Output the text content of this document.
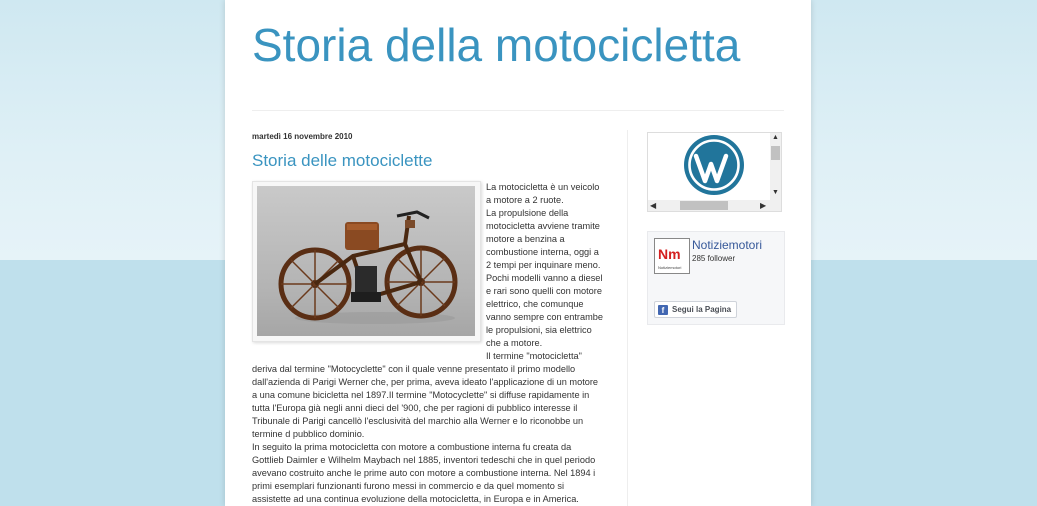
Storia della motocicletta
martedì 16 novembre 2010
Storia delle motociclette

La motocicletta è un veicolo a motore a 2 ruote.

La propulsione della motocicletta avviene tramite motore a benzina a combustione interna, oggi a 2 tempi per inquinare meno.

Pochi modelli vanno a diesel e rari sono quelli con motore elettrico, che comunque vanno sempre con entrambe le propulsioni, sia elettrico che a motore.

Il termine "motocicletta" deriva dal termine "Motocyclette" con il quale venne presentato il primo modello dall'azienda di Parigi Werner che, per prima, aveva ideato l'applicazione di un motore a una comune bicicletta nel 1897.Il termine "Motocyclette" si diffuse rapidamente in tutta l'Europa già negli anni dieci del '900, che per ragioni di pubblico interesse il Tribunale di Parigi cancellò l'esclusività del marchio alla Werner e lo riconobbe un termine d pubblico dominio.

In seguito la prima motocicletta con motore a combustione interna fu creata da Gottlieb Daimler e Wilhelm Maybach nel 1885, inventori tedeschi che in quel periodo avevano costruito anche le prime auto con motore a combustione interna. Nel 1894 i primi esemplari funzionanti furono messi in commercio e da quel momento si assistette ad una continua evoluzione della motocicletta, in Europa e in America.

▲
▼
◀	▶
Nm
Notiziemotori
Notiziemotori
285 follower
f Segui la Pagina
